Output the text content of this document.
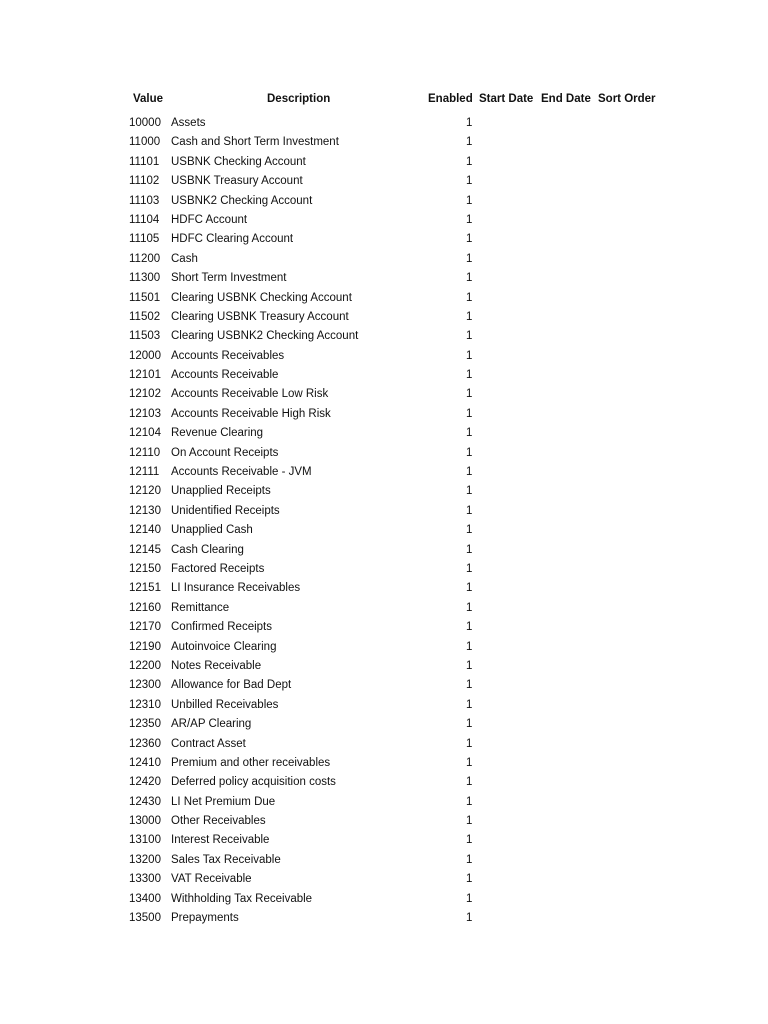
Value	Description	Enabled Start Date End Date Sort Order
10000 Assets	1
11000 Cash and Short Term Investment	1
11101 USBNK Checking Account	1
11102 USBNK Treasury Account	1
11103 USBNK2 Checking Account	1
11104 HDFC Account	1
11105 HDFC Clearing Account	1
11200 Cash	1
11300 Short Term Investment	1
11501 Clearing USBNK Checking Account	1
11502 Clearing USBNK Treasury Account	1
11503 Clearing USBNK2 Checking Account	1
12000 Accounts Receivables	1
12101 Accounts Receivable	1
12102 Accounts Receivable Low Risk	1
12103 Accounts Receivable High Risk	1
12104 Revenue Clearing	1
12110 On Account Receipts	1
12111 Accounts Receivable - JVM	1
12120 Unapplied Receipts	1
12130 Unidentified Receipts	1
12140 Unapplied Cash	1
12145 Cash Clearing	1
12150 Factored Receipts	1
12151 LI Insurance Receivables	1
12160 Remittance	1
12170 Confirmed Receipts	1
12190 Autoinvoice Clearing	1
12200 Notes Receivable	1
12300 Allowance for Bad Dept	1
12310 Unbilled Receivables	1
12350 AR/AP Clearing	1
12360 Contract Asset	1
12410 Premium and other receivables	1
12420 Deferred policy acquisition costs	1
12430 LI Net Premium Due	1
13000 Other Receivables	1
13100 Interest Receivable	1
13200 Sales Tax Receivable	1
13300 VAT Receivable	1
13400 Withholding Tax Receivable	1
13500 Prepayments	1
